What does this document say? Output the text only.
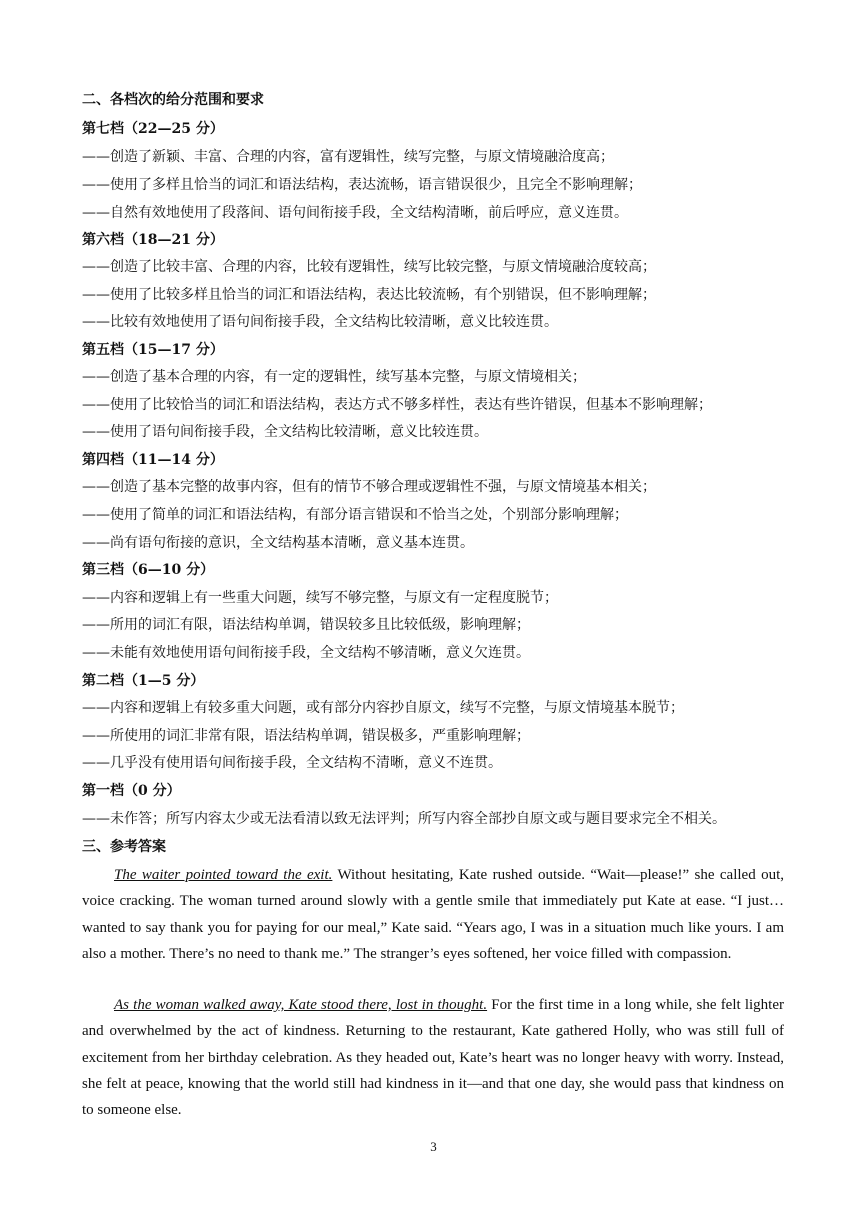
二、各档次的给分范围和要求
第七档（22—25 分）
——创造了新颖、丰富、合理的内容，富有逻辑性，续写完整，与原文情境融洽度高；
——使用了多样且恰当的词汇和语法结构，表达流畅，语言错误很少，且完全不影响理解；
——自然有效地使用了段落间、语句间衔接手段，全文结构清晰，前后呼应，意义连贯。
第六档（18—21 分）
——创造了比较丰富、合理的内容，比较有逻辑性，续写比较完整，与原文情境融洽度较高；
——使用了比较多样且恰当的词汇和语法结构，表达比较流畅，有个别错误，但不影响理解；
——比较有效地使用了语句间衔接手段，全文结构比较清晰，意义比较连贯。
第五档（15—17 分）
——创造了基本合理的内容，有一定的逻辑性，续写基本完整，与原文情境相关；
——使用了比较恰当的词汇和语法结构，表达方式不够多样性，表达有些许错误，但基本不影响理解；
——使用了语句间衔接手段，全文结构比较清晰，意义比较连贯。
第四档（11—14 分）
——创造了基本完整的故事内容，但有的情节不够合理或逻辑性不强，与原文情境基本相关；
——使用了简单的词汇和语法结构，有部分语言错误和不恰当之处，个别部分影响理解；
——尚有语句衔接的意识，全文结构基本清晰，意义基本连贯。
第三档（6—10 分）
——内容和逻辑上有一些重大问题，续写不够完整，与原文有一定程度脱节；
——所用的词汇有限，语法结构单调，错误较多且比较低级，影响理解；
——未能有效地使用语句间衔接手段，全文结构不够清晰，意义欠连贯。
第二档（1—5 分）
——内容和逻辑上有较多重大问题，或有部分内容抄自原文，续写不完整，与原文情境基本脱节；
——所使用的词汇非常有限，语法结构单调，错误极多，严重影响理解；
——几乎没有使用语句间衔接手段，全文结构不清晰，意义不连贯。
第一档（0 分）
——未作答；所写内容太少或无法看清以致无法评判；所写内容全部抄自原文或与题目要求完全不相关。
三、参考答案
The waiter pointed toward the exit. Without hesitating, Kate rushed outside. “Wait—please!” she called out, voice cracking. The woman turned around slowly with a gentle smile that immediately put Kate at ease. “I just… wanted to say thank you for paying for our meal,” Kate said. “Years ago, I was in a situation much like yours. I am also a mother. There’s no need to thank me.” The stranger’s eyes softened, her voice filled with compassion.
As the woman walked away, Kate stood there, lost in thought. For the first time in a long while, she felt lighter and overwhelmed by the act of kindness. Returning to the restaurant, Kate gathered Holly, who was still full of excitement from her birthday celebration. As they headed out, Kate’s heart was no longer heavy with worry. Instead, she felt at peace, knowing that the world still had kindness in it—and that one day, she would pass that kindness on to someone else.
3
